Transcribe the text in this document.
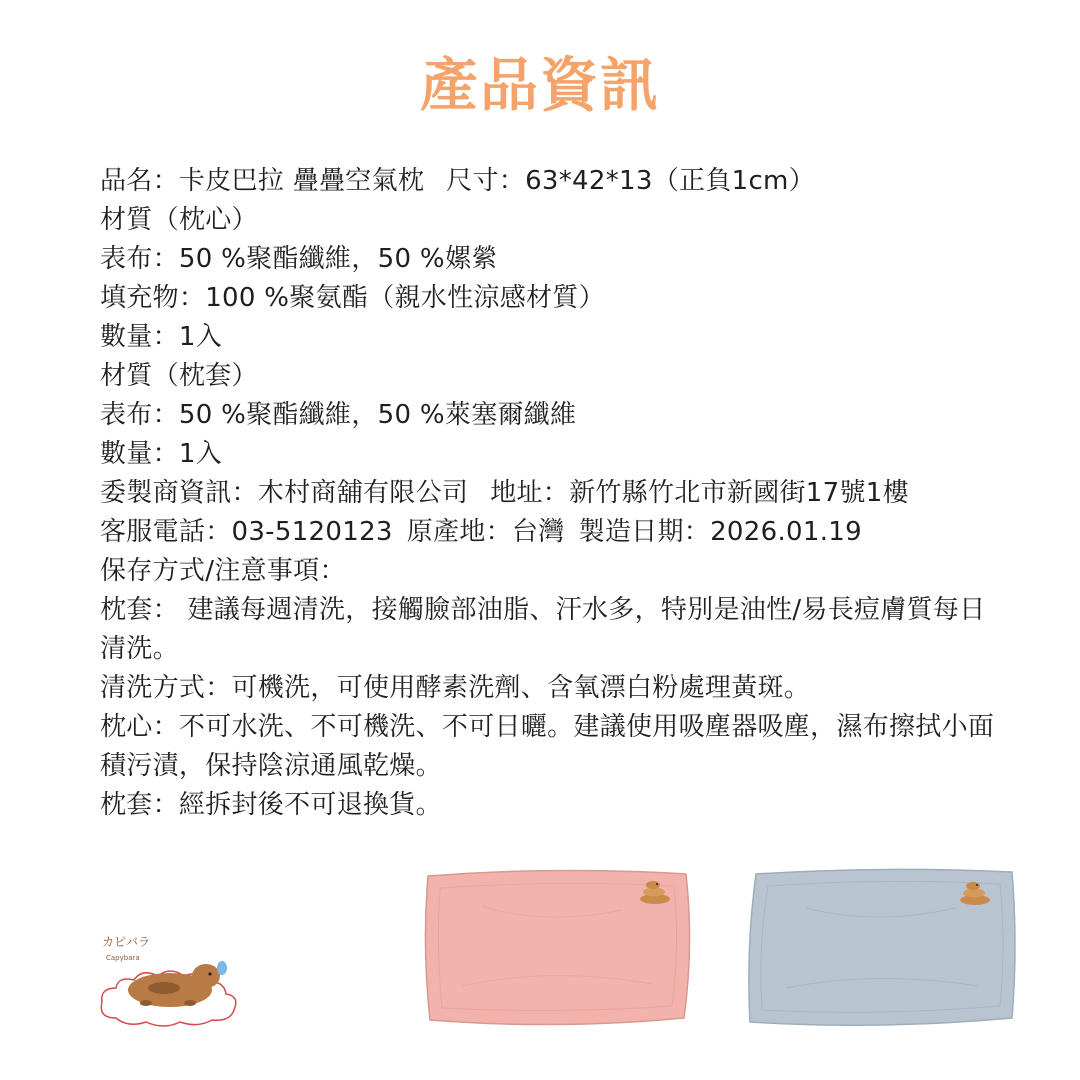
產品資訊
品名：卡皮巴拉 疊疊空氣枕 尺寸：63*42*13（正負1cm）
材質（枕心）
表布：50 %聚酯纖維，50 %嫘縈
填充物：100 %聚氨酯（親水性涼感材質）
數量：1入
材質（枕套）
表布：50 %聚酯纖維，50 %萊塞爾纖維
數量：1入
委製商資訊：木村商舖有限公司 地址：新竹縣竹北市新國街17號1樓
客服電話：03-5120123 原產地：台灣 製造日期：2026.01.19
保存方式/注意事項：
枕套： 建議每週清洗，接觸臉部油脂、汗水多，特別是油性/易長痘膚質每日清洗。
清洗方式：可機洗，可使用酵素洗劑、含氧漂白粉處理黃斑。
枕心：不可水洗、不可機洗、不可日曬。建議使用吸塵器吸塵，濕布擦拭小面積污漬，保持陰涼通風乾燥。
枕套：經拆封後不可退換貨。
カピバラ
Capybara
